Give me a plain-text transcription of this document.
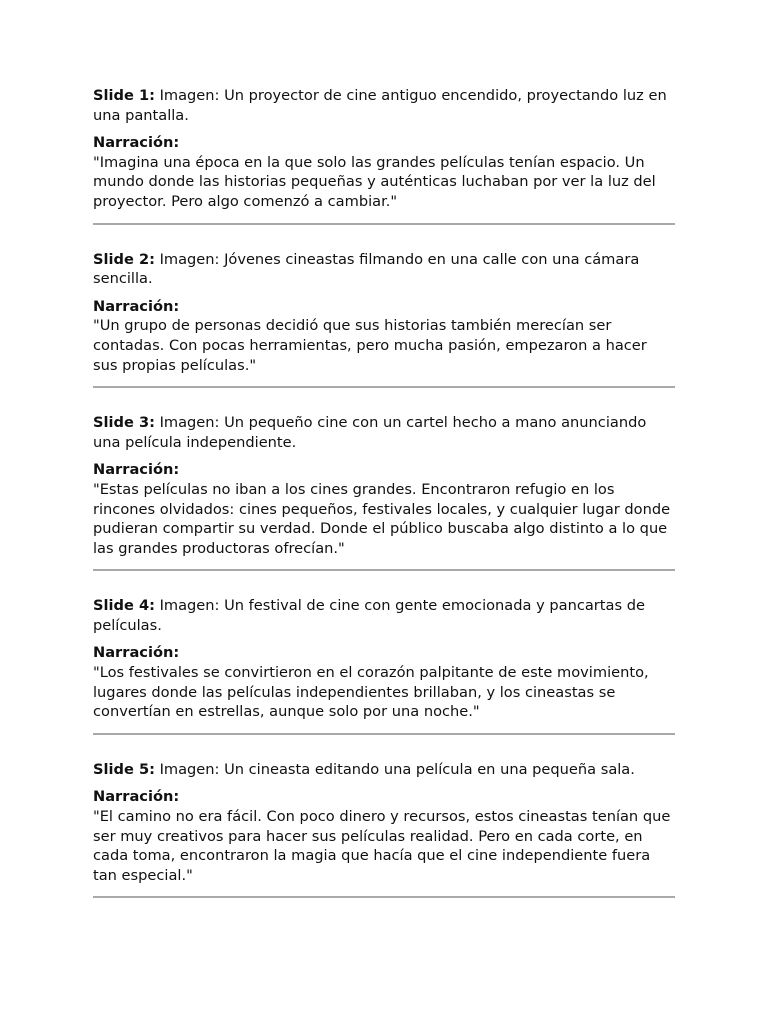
Slide 1: Imagen: Un proyector de cine antiguo encendido, proyectando luz en una pantalla.

Narración:

"Imagina una época en la que solo las grandes películas tenían espacio. Un mundo donde las historias pequeñas y auténticas luchaban por ver la luz del proyector. Pero algo comenzó a cambiar."

Slide 2: Imagen: Jóvenes cineastas filmando en una calle con una cámara sencilla.

Narración:

"Un grupo de personas decidió que sus historias también merecían ser contadas. Con pocas herramientas, pero mucha pasión, empezaron a hacer sus propias películas."

Slide 3: Imagen: Un pequeño cine con un cartel hecho a mano anunciando una película independiente.

Narración:

"Estas películas no iban a los cines grandes. Encontraron refugio en los rincones olvidados: cines pequeños, festivales locales, y cualquier lugar donde pudieran compartir su verdad. Donde el público buscaba algo distinto a lo que las grandes productoras ofrecían."

Slide 4: Imagen: Un festival de cine con gente emocionada y pancartas de películas.

Narración:

"Los festivales se convirtieron en el corazón palpitante de este movimiento, lugares donde las películas independientes brillaban, y los cineastas se convertían en estrellas, aunque solo por una noche."

Slide 5: Imagen: Un cineasta editando una película en una pequeña sala.

Narración:

"El camino no era fácil. Con poco dinero y recursos, estos cineastas tenían que ser muy creativos para hacer sus películas realidad. Pero en cada corte, en cada toma, encontraron la magia que hacía que el cine independiente fuera tan especial."
